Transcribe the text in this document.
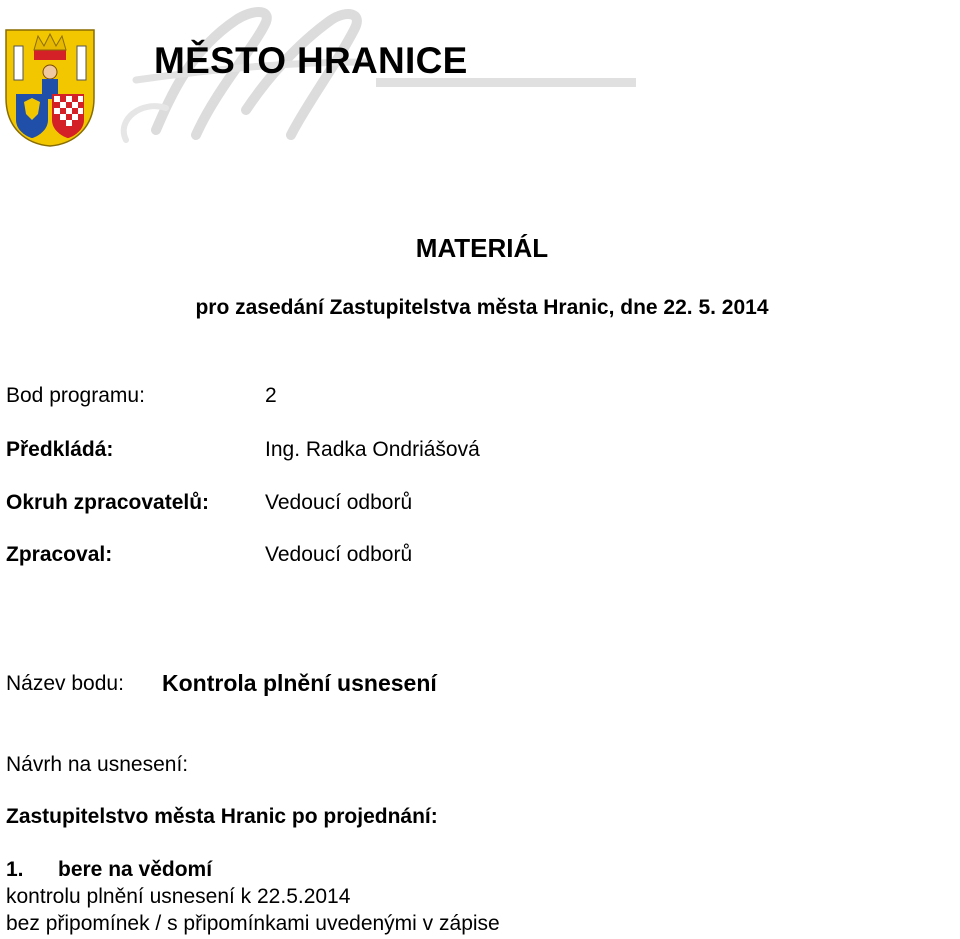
MĚSTO HRANICE
MATERIÁL
pro zasedání Zastupitelstva města Hranic, dne 22. 5. 2014
Bod programu:	2
Předkládá:	Ing. Radka Ondriášová
Okruh zpracovatelů:	Vedoucí odborů
Zpracoval:	Vedoucí odborů
Název bodu: Kontrola plnění usnesení
Návrh na usnesení:
Zastupitelstvo města Hranic po projednání:
1. bere na vědomí
kontrolu plnění usnesení k 22.5.2014
bez připomínek / s připomínkami uvedenými v zápise
